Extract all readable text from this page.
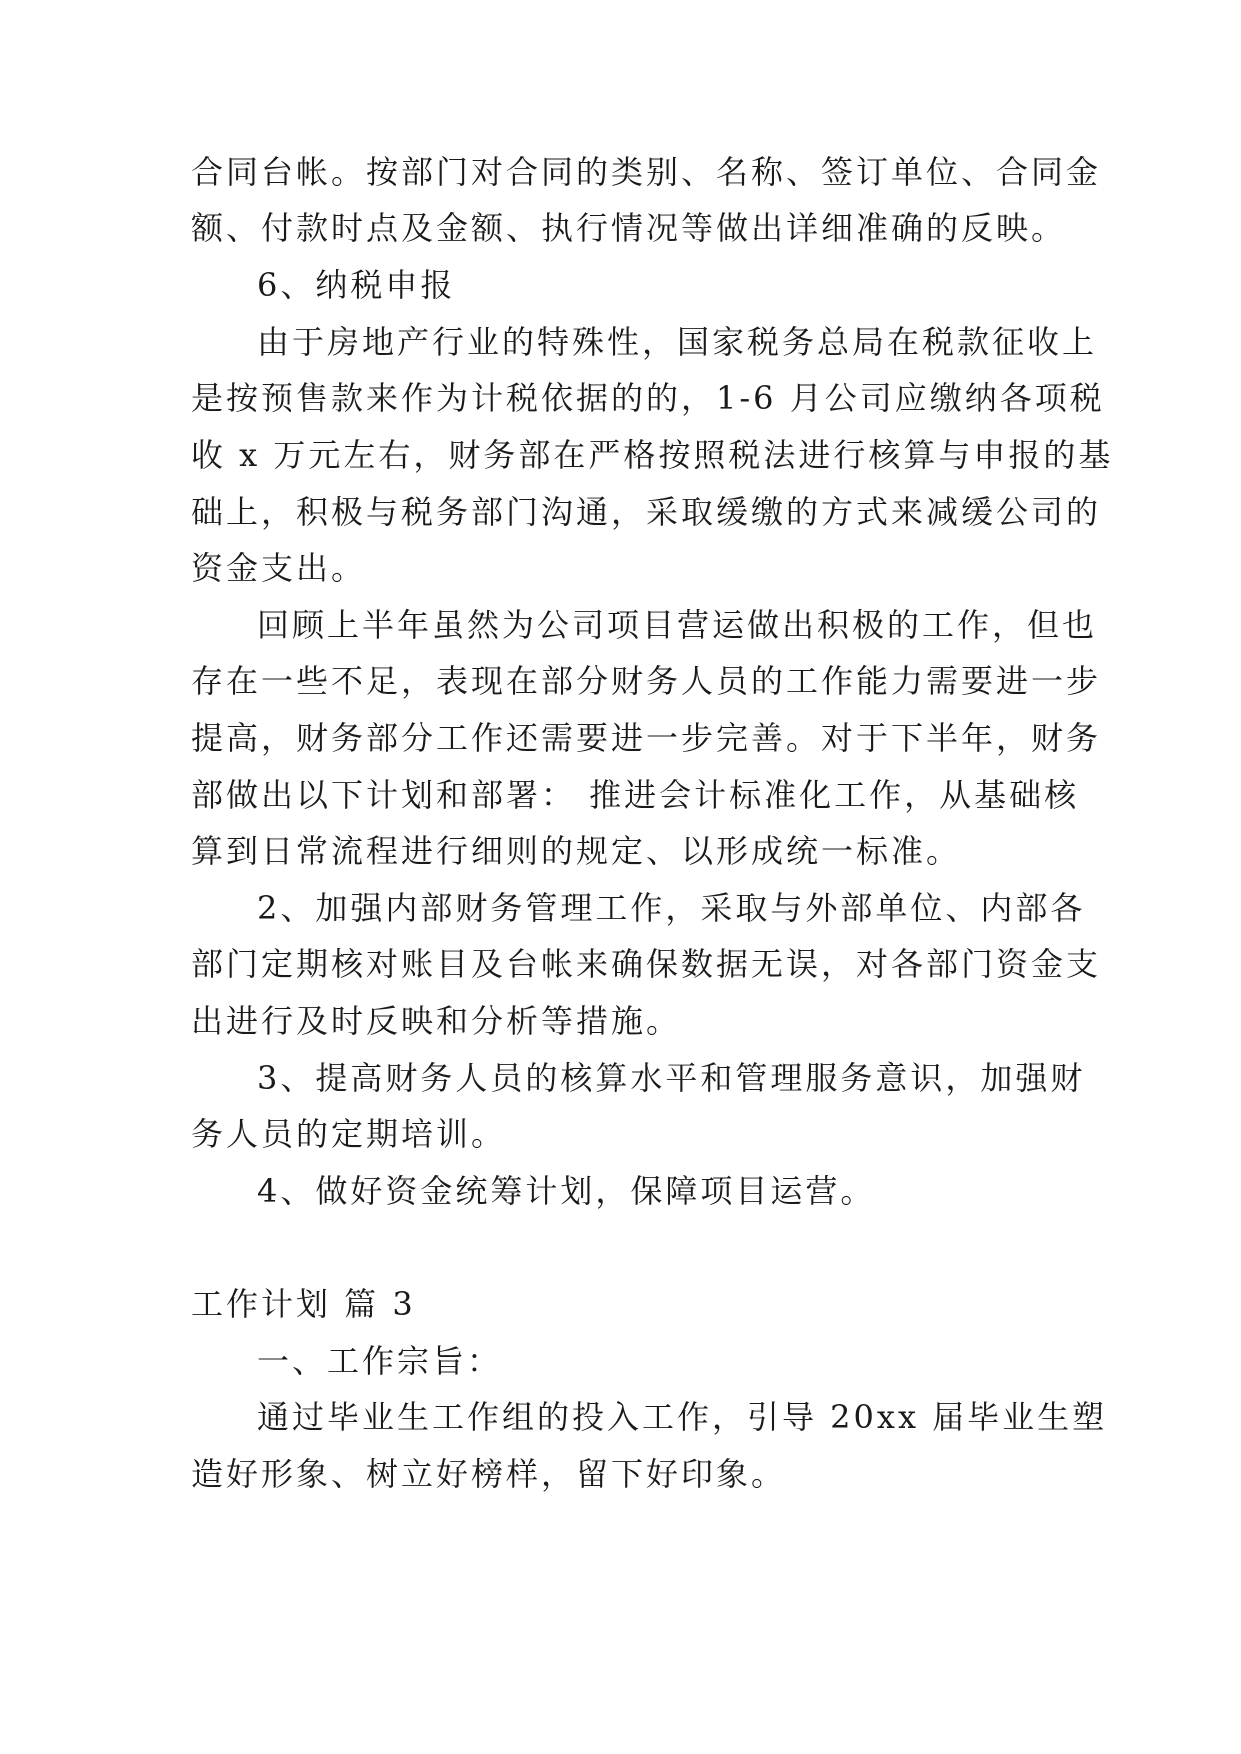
合同台帐。按部门对合同的类别、名称、签订单位、合同金
额、付款时点及金额、执行情况等做出详细准确的反映。
6、纳税申报
由于房地产行业的特殊性，国家税务总局在税款征收上
是按预售款来作为计税依据的的，1-6 月公司应缴纳各项税
收 x 万元左右，财务部在严格按照税法进行核算与申报的基
础上，积极与税务部门沟通，采取缓缴的方式来减缓公司的
资金支出。
回顾上半年虽然为公司项目营运做出积极的工作，但也
存在一些不足，表现在部分财务人员的工作能力需要进一步
提高，财务部分工作还需要进一步完善。对于下半年，财务
部做出以下计划和部署： 推进会计标准化工作，从基础核
算到日常流程进行细则的规定、以形成统一标准。
2、加强内部财务管理工作，采取与外部单位、内部各
部门定期核对账目及台帐来确保数据无误，对各部门资金支
出进行及时反映和分析等措施。
3、提高财务人员的核算水平和管理服务意识，加强财
务人员的定期培训。
4、做好资金统筹计划，保障项目运营。
工作计划 篇 3
一、工作宗旨：
通过毕业生工作组的投入工作，引导 20xx 届毕业生塑
造好形象、树立好榜样，留下好印象。
